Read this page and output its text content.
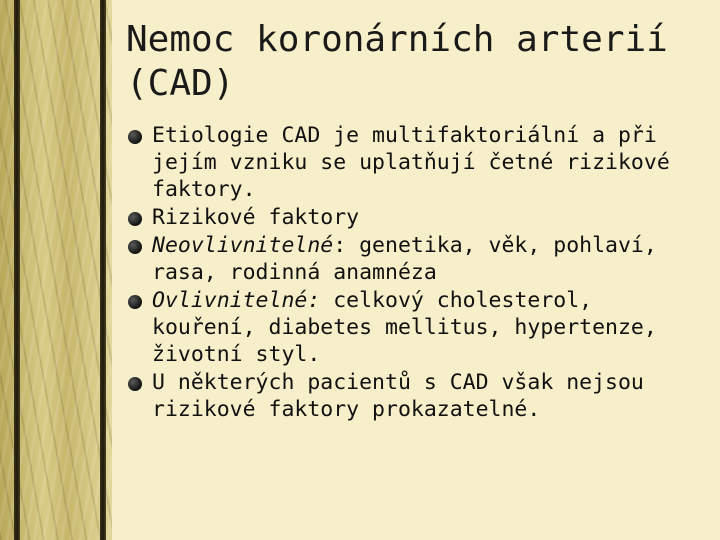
Nemoc koronárních arterií (CAD)
Etiologie CAD je multifaktoriální a při jejím vzniku se uplatňují četné rizikové faktory.
Rizikové faktory
Neovlivnitelné: genetika, věk, pohlaví, rasa, rodinná anamnéza
Ovlivnitelné: celkový cholesterol, kouření, diabetes mellitus, hypertenze, životní styl.
U některých pacientů s CAD však nejsou rizikové faktory prokazatelné.
